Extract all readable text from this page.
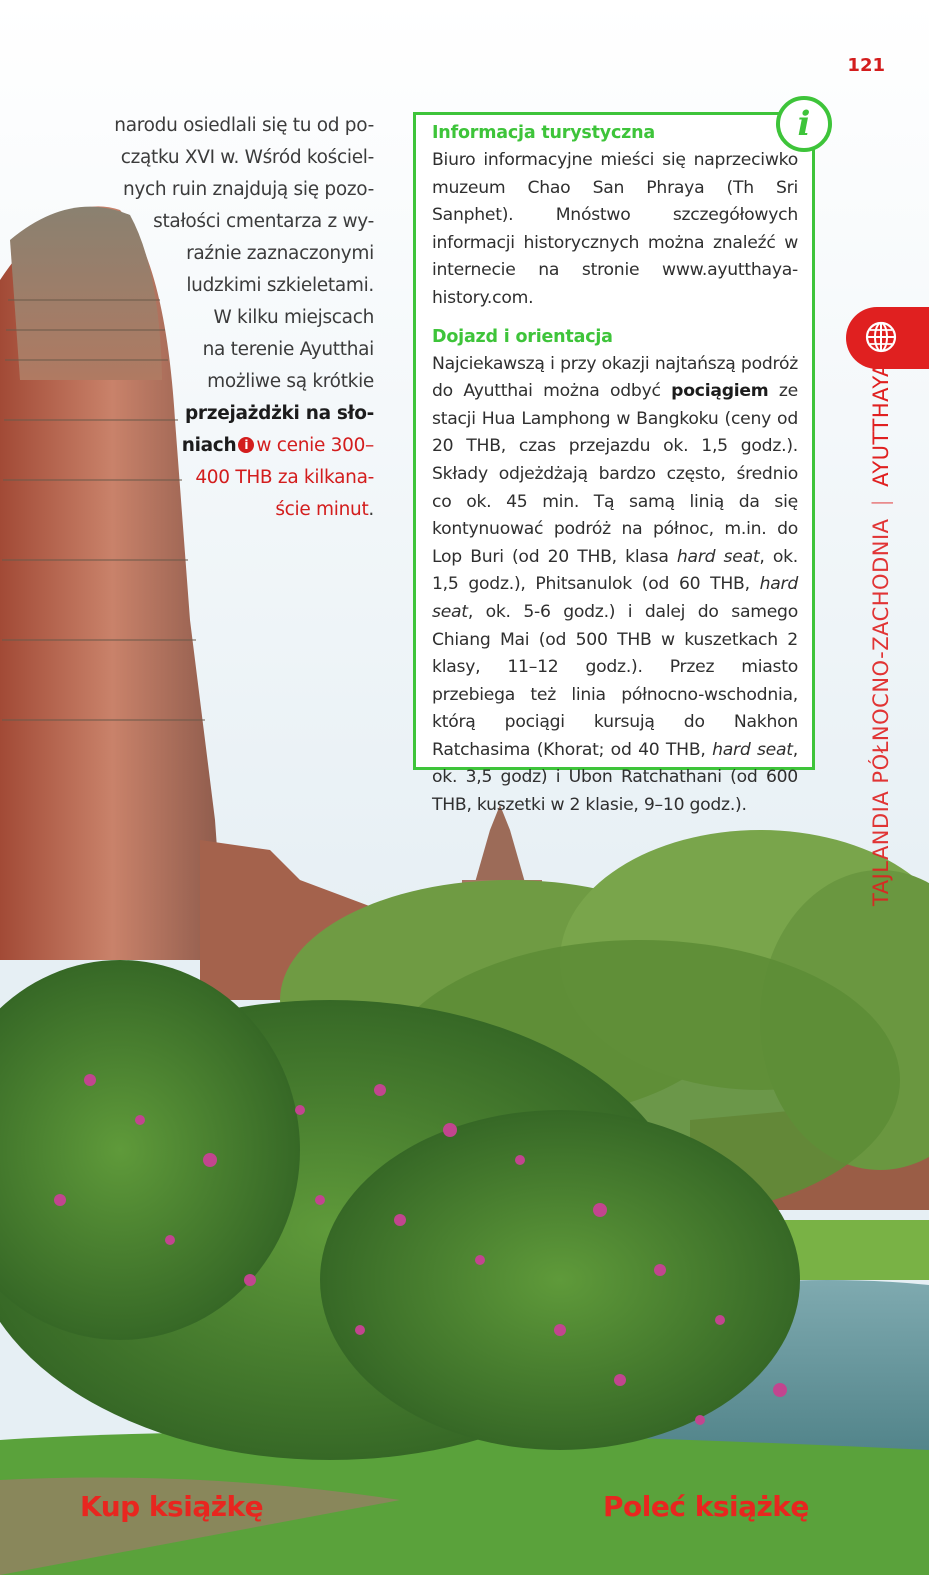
121
narodu osiedlali się tu od po-
czątku XVI w. Wśród kościel-
nych ruin znajdują się pozo-
stałości cmentarza z wy-
raźnie zaznaczonymi
ludzkimi szkieletami.
W kilku miejscach
na terenie Ayutthai
możliwe są krótkie
przejażdżki na sło-
niach i w cenie 300–
400 THB za kilkana-
ście minut.
Informacja turystyczna

Biuro informacyjne mieści się naprzeciwko muzeum Chao San Phraya (Th Sri Sanphet). Mnóstwo szczegółowych informacji historycznych można znaleźć w internecie na stronie www.ayutthaya-history.com.

Dojazd i orientacja

Najciekawszą i przy okazji najtańszą podróż do Ayutthai można odbyć pociągiem ze stacji Hua Lamphong w Bangkoku (ceny od 20 THB, czas przejazdu ok. 1,5 godz.). Składy odjeżdżają bardzo często, średnio co ok. 45 min. Tą samą linią da się kontynuować podróż na północ, m.in. do Lop Buri (od 20 THB, klasa hard seat, ok. 1,5 godz.), Phitsanulok (od 60 THB, hard seat, ok. 5-6 godz.) i dalej do samego Chiang Mai (od 500 THB w kuszetkach 2 klasy, 11–12 godz.). Przez miasto przebiega też linia północno-wschodnia, którą pociągi kursują do Nakhon Ratchasima (Khorat; od 40 THB, hard seat, ok. 3,5 godz) i Ubon Ratchathani (od 600 THB, kuszetki w 2 klasie, 9–10 godz.).

i
TAJLANDIA PÓŁNOCNO-ZACHODNIA|AYUTTHAYA
Kup książkę	Poleć książkę
